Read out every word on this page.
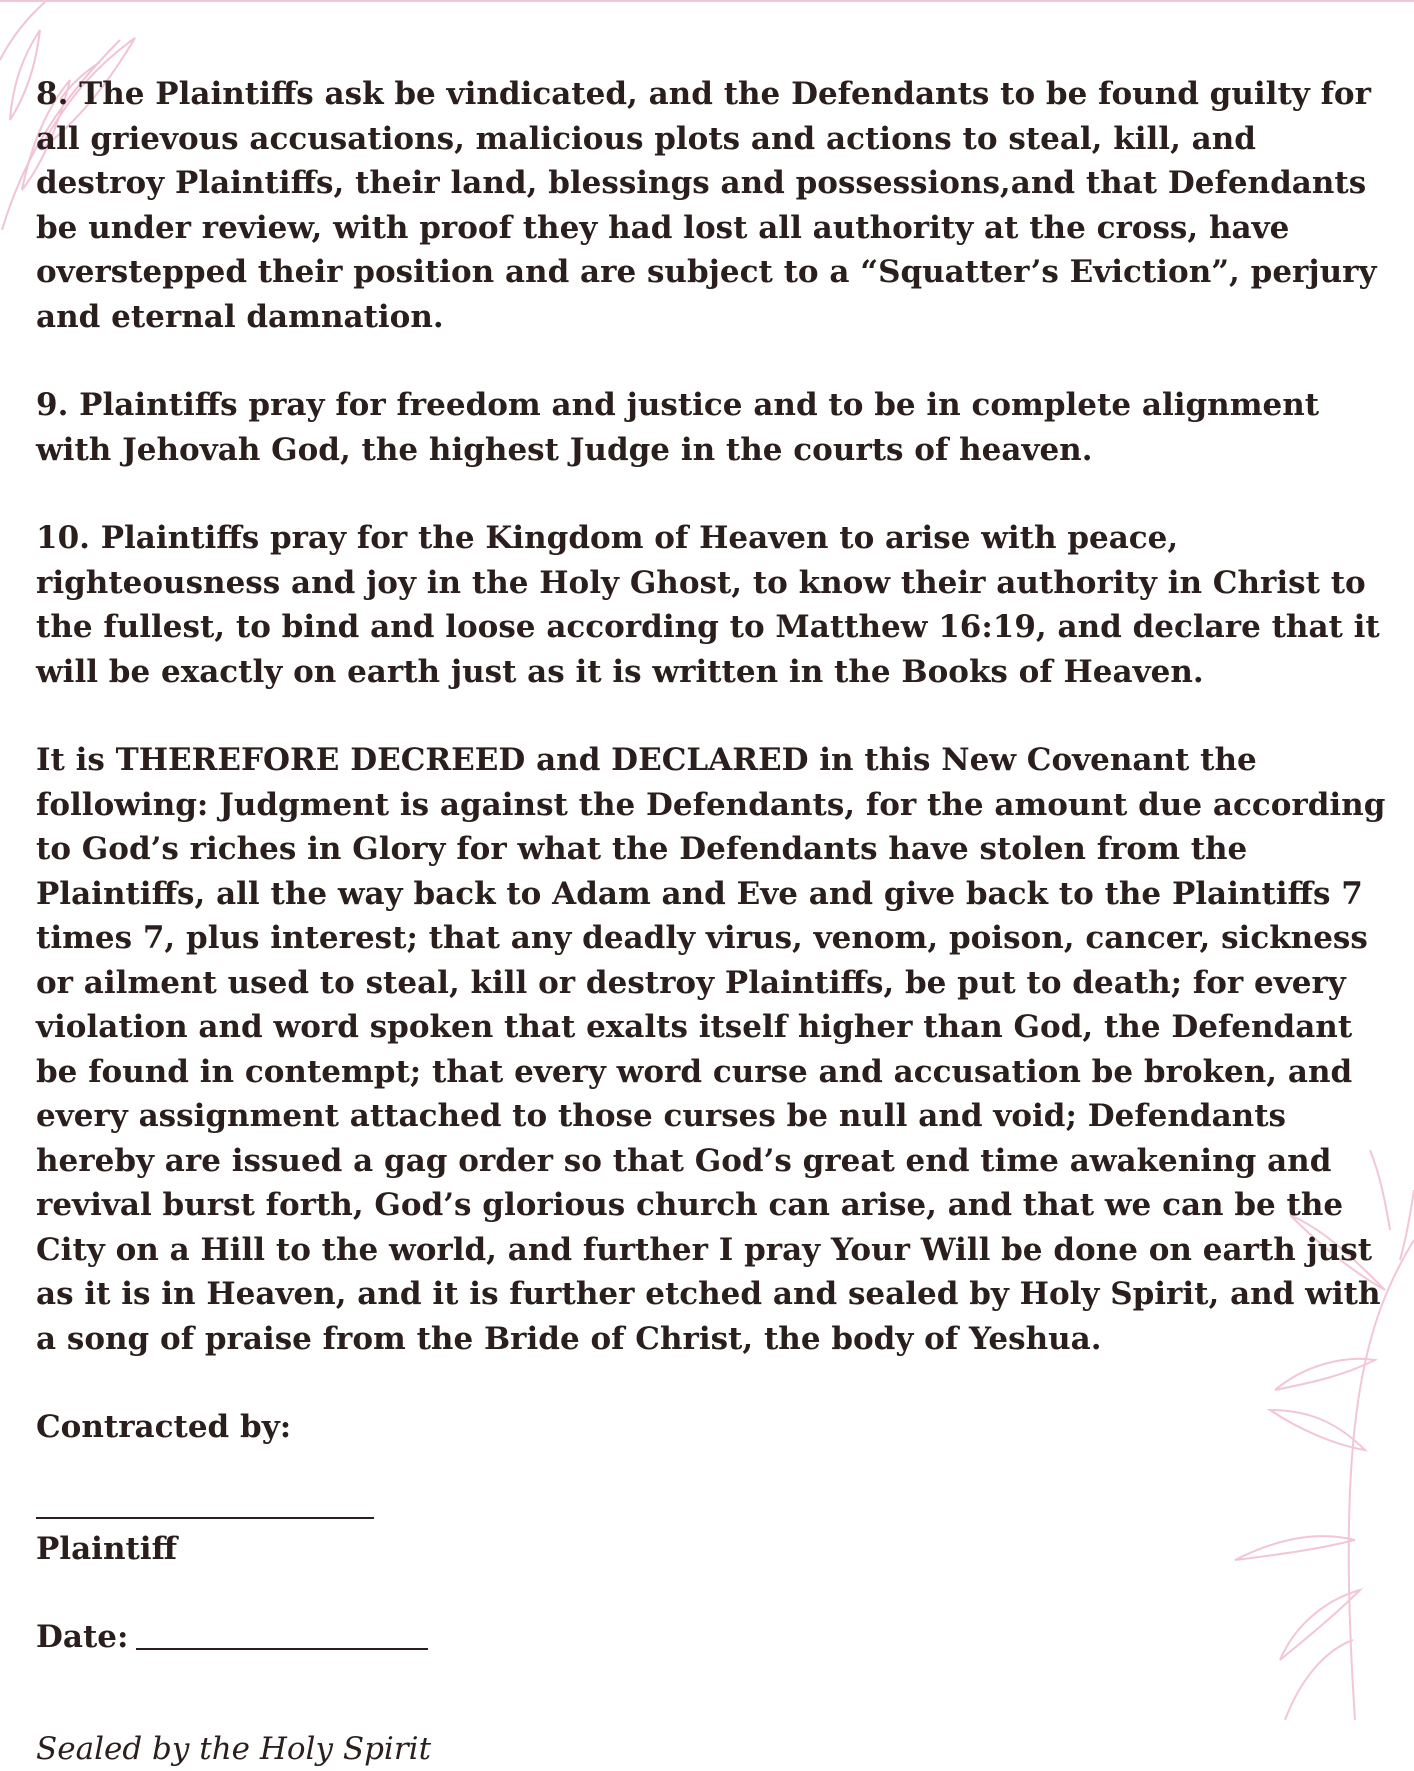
8. The Plaintiffs ask be vindicated, and the Defendants to be found guilty for all grievous accusations, malicious plots and actions to steal, kill, and destroy Plaintiffs, their land, blessings and possessions,and that Defendants be under review, with proof they had lost all authority at the cross, have overstepped their position and are subject to a “Squatter’s Eviction”, perjury and eternal damnation.

9. Plaintiffs pray for freedom and justice and to be in complete alignment with Jehovah God, the highest Judge in the courts of heaven.

10. Plaintiffs pray for the Kingdom of Heaven to arise with peace, righteousness and joy in the Holy Ghost, to know their authority in Christ to the fullest, to bind and loose according to Matthew 16:19, and declare that it will be exactly on earth just as it is written in the Books of Heaven.

It is THEREFORE DECREED and DECLARED in this New Covenant the following: Judgment is against the Defendants, for the amount due according to God’s riches in Glory for what the Defendants have stolen from the Plaintiffs, all the way back to Adam and Eve and give back to the Plaintiffs 7 times 7, plus interest; that any deadly virus, venom, poison, cancer, sickness or ailment used to steal, kill or destroy Plaintiffs, be put to death; for every violation and word spoken that exalts itself higher than God, the Defendant be found in contempt; that every word curse and accusation be broken, and every assignment attached to those curses be null and void; Defendants hereby are issued a gag order so that God’s great end time awakening and revival burst forth, God’s glorious church can arise, and that we can be the City on a Hill to the world, and further I pray Your Will be done on earth just as it is in Heaven, and it is further etched and sealed by Holy Spirit, and with a song of praise from the Bride of Christ, the body of Yeshua.

Contracted by:

Plaintiff

Date:
Sealed by the Holy Spirit
